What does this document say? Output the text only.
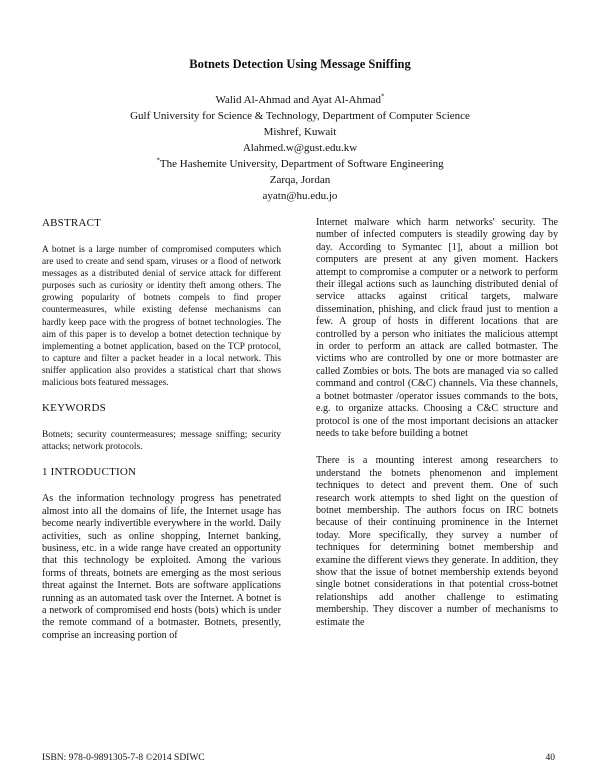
Botnets Detection Using Message Sniffing
Walid Al-Ahmad and Ayat Al-Ahmad*
Gulf University for Science & Technology, Department of Computer Science
Mishref, Kuwait
Alahmed.w@gust.edu.kw
*The Hashemite University, Department of Software Engineering
Zarqa, Jordan
ayatn@hu.edu.jo
ABSTRACT

A botnet is a large number of compromised computers which are used to create and send spam, viruses or a flood of network messages as a distributed denial of service attack for different purposes such as curiosity or identity theft among others. The growing popularity of botnets compels to find proper countermeasures, while existing defense mechanisms can hardly keep pace with the progress of botnet technologies. The aim of this paper is to develop a botnet detection technique by implementing a botnet application, based on the TCP protocol, to capture and filter a packet header in a local network. This sniffer application also provides a statistical chart that shows malicious bots featured messages.

KEYWORDS

Botnets; security countermeasures; message sniffing; security attacks; network protocols.

1 INTRODUCTION

As the information technology progress has penetrated almost into all the domains of life, the Internet usage has become nearly indivertible everywhere in the world. Daily activities, such as online shopping, Internet banking, business, etc. in a wide range have created an opportunity that this technology be exploited. Among the various forms of threats, botnets are emerging as the most serious threat against the Internet. Bots are software applications running as an automated task over the Internet. A botnet is a network of compromised end hosts (bots) which is under the remote command of a botmaster. Botnets, presently, comprise an increasing portion of

Internet malware which harm networks' security. The number of infected computers is steadily growing day by day. According to Symantec [1], about a million bot computers are present at any given moment. Hackers attempt to compromise a computer or a network to perform their illegal actions such as launching distributed denial of service attacks against critical targets, malware dissemination, phishing, and click fraud just to mention a few. A group of hosts in different locations that are controlled by a person who initiates the malicious attempt in order to perform an attack are called botmaster. The victims who are controlled by one or more botmaster are called Zombies or bots. The bots are managed via so called command and control (C&C) channels. Via these channels, a botnet botmaster /operator issues commands to the bots, e.g. to organize attacks. Choosing a C&C structure and protocol is one of the most important decisions an attacker needs to take before building a botnet

There is a mounting interest among researchers to understand the botnets phenomenon and implement techniques to detect and prevent them. One of such research work attempts to shed light on the question of botnet membership. The authors focus on IRC botnets because of their continuing prominence in the Internet today. More specifically, they survey a number of techniques for determining botnet membership and examine the different views they generate. In addition, they show that the issue of botnet membership extends beyond single botnet considerations in that potential cross-botnet relationships add another challenge to estimating membership. They discover a number of mechanisms to estimate the

ISBN: 978-0-9891305-7-8 ©2014 SDIWC	40
